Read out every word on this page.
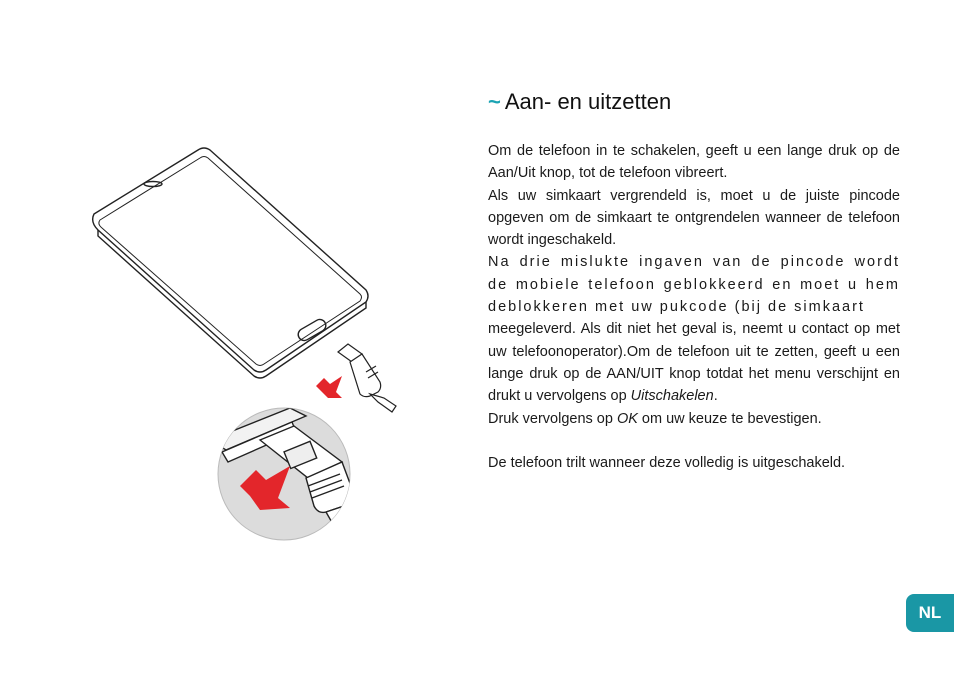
~ Aan- en uitzetten

Om de telefoon in te schakelen, geeft u een lange druk op de Aan/Uit knop, tot de telefoon vibreert.

Als uw simkaart vergrendeld is, moet u de juiste pincode opgeven om de simkaart te ontgrendelen wanneer de telefoon wordt ingeschakeld.

Na drie mislukte ingaven van de pincode wordt de mobiele telefoon geblokkeerd en moet u hem deblokkeren met uw pukcode (bij de simkaart

meegeleverd. Als dit niet het geval is, neemt u contact op met uw telefoonoperator).Om de telefoon uit te zetten, geeft u een lange druk op de AAN/UIT knop totdat het menu verschijnt en drukt u vervolgens op Uitschakelen.

Druk vervolgens op OK om uw keuze te bevestigen.

De telefoon trilt wanneer deze volledig is uitgeschakeld.

NL
